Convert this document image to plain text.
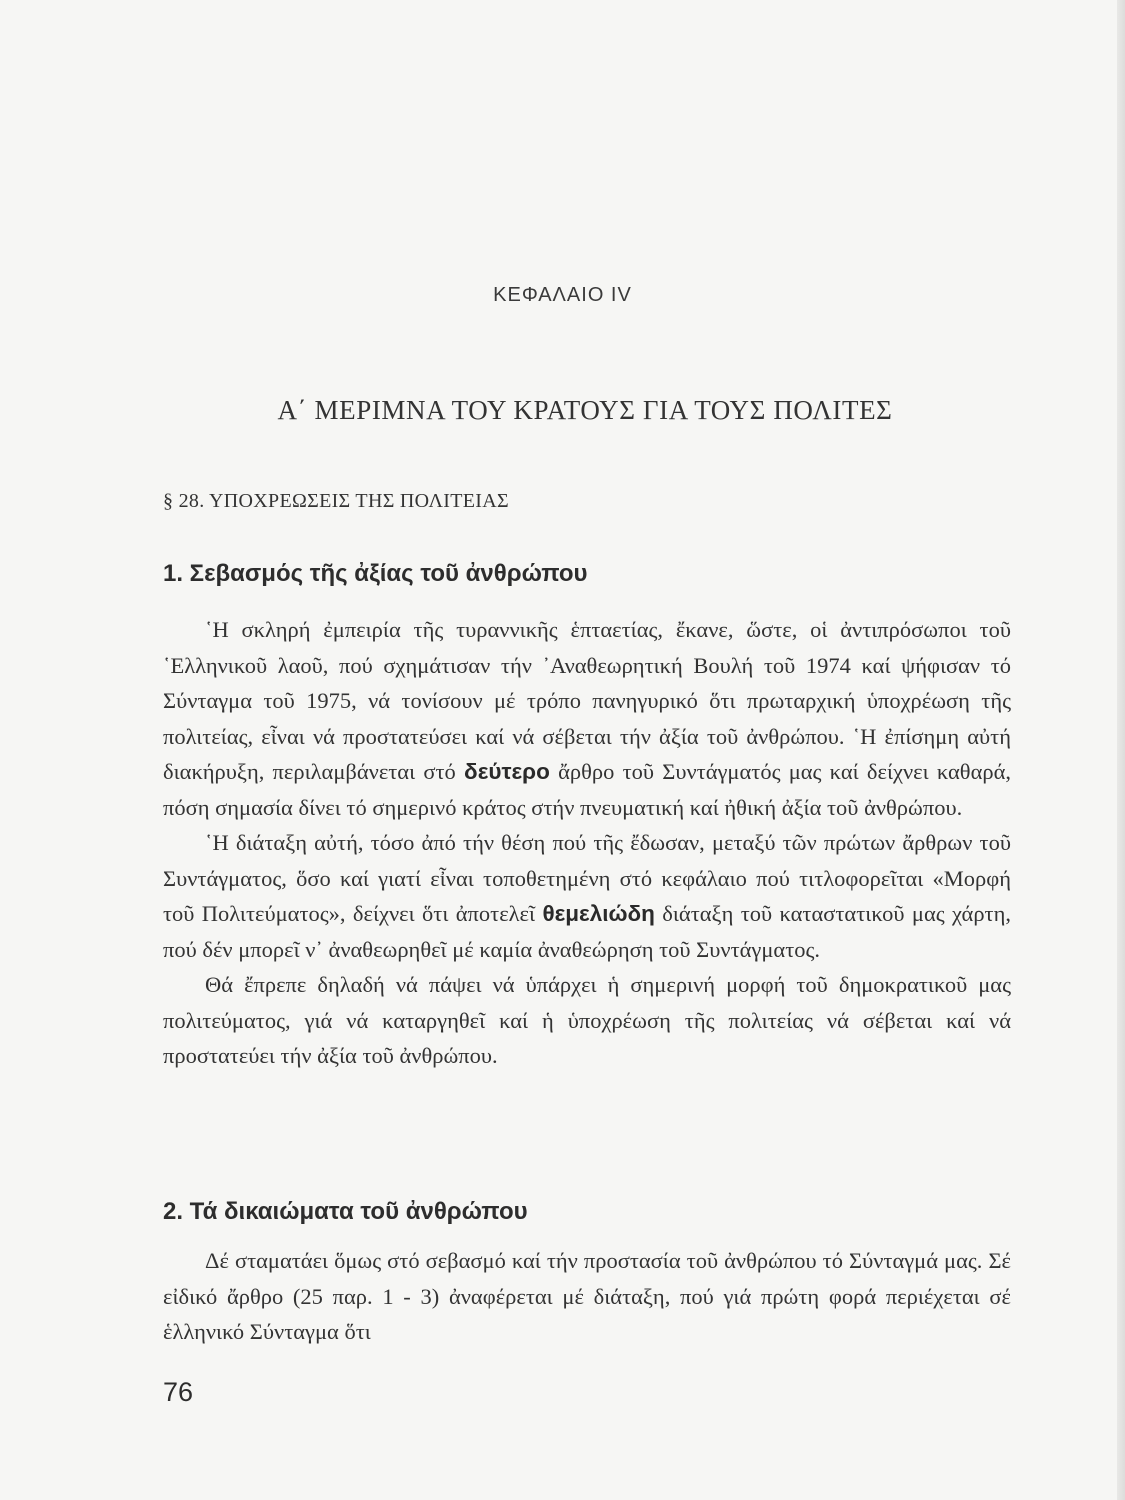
ΚΕΦΑΛΑΙΟ IV
Α΄ ΜΕΡΙΜΝΑ ΤΟΥ ΚΡΑΤΟΥΣ ΓΙΑ ΤΟΥΣ ΠΟΛΙΤΕΣ
§ 28. ΥΠΟΧΡΕΩΣΕΙΣ ΤΗΣ ΠΟΛΙΤΕΙΑΣ
1. Σεβασμός τῆς ἀξίας τοῦ ἀνθρώπου

῾Η σκληρή ἐμπειρία τῆς τυραννικῆς ἑπταετίας, ἔκανε, ὥστε, οἱ ἀντιπρόσωποι τοῦ ῾Ελληνικοῦ λαοῦ, πού σχημάτισαν τήν ᾿Αναθεωρητική Βουλή τοῦ 1974 καί ψήφισαν τό Σύνταγμα τοῦ 1975, νά τονίσουν μέ τρόπο πανηγυρικό ὅτι πρωταρχική ὑποχρέωση τῆς πολιτείας, εἶναι νά προστατεύσει καί νά σέβεται τήν ἀξία τοῦ ἀνθρώπου. ῾Η ἐπίσημη αὐτή διακήρυξη, περιλαμβάνεται στό δεύτερο ἄρθρο τοῦ Συντάγματός μας καί δείχνει καθαρά, πόση σημασία δίνει τό σημερινό κράτος στήν πνευματική καί ἠθική ἀξία τοῦ ἀνθρώπου.

῾Η διάταξη αὐτή, τόσο ἀπό τήν θέση πού τῆς ἔδωσαν, μεταξύ τῶν πρώτων ἄρθρων τοῦ Συντάγματος, ὅσο καί γιατί εἶναι τοποθετημένη στό κεφάλαιο πού τιτλοφορεῖται «Μορφή τοῦ Πολιτεύματος», δείχνει ὅτι ἀποτελεῖ θεμελιώδη διάταξη τοῦ καταστατικοῦ μας χάρτη, πού δέν μπορεῖ ν᾿ ἀναθεωρηθεῖ μέ καμία ἀναθεώρηση τοῦ Συντάγματος.

Θά ἔπρεπε δηλαδή νά πάψει νά ὑπάρχει ἡ σημερινή μορφή τοῦ δημοκρατικοῦ μας πολιτεύματος, γιά νά καταργηθεῖ καί ἡ ὑποχρέωση τῆς πολιτείας νά σέβεται καί νά προστατεύει τήν ἀξία τοῦ ἀνθρώπου.

2. Τά δικαιώματα τοῦ ἀνθρώπου

Δέ σταματάει ὅμως στό σεβασμό καί τήν προστασία τοῦ ἀνθρώπου τό Σύνταγμά μας. Σέ εἰδικό ἄρθρο (25 παρ. 1 - 3) ἀναφέρεται μέ διάταξη, πού γιά πρώτη φορά περιέχεται σέ ἑλληνικό Σύνταγμα ὅτι

76
